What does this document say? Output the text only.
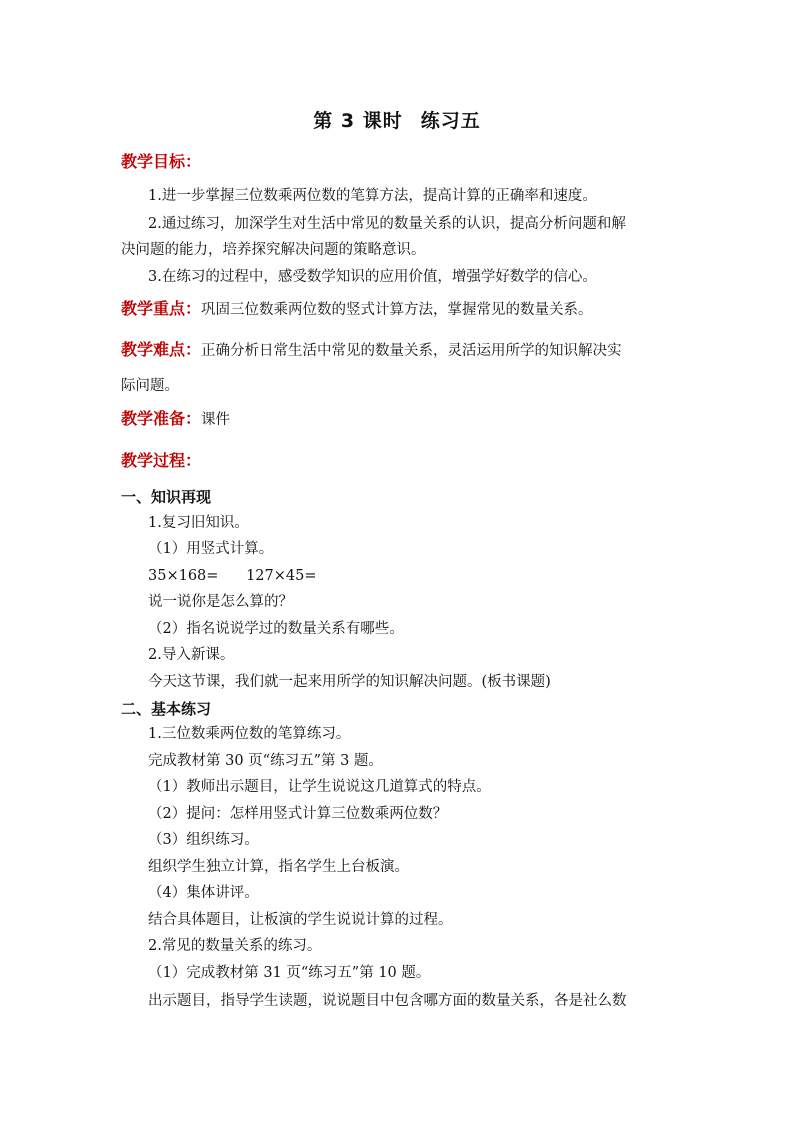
第 3 课时 练习五
教学目标：
1.进一步掌握三位数乘两位数的笔算方法，提高计算的正确率和速度。
2.通过练习，加深学生对生活中常见的数量关系的认识，提高分析问题和解
决问题的能力，培养探究解决问题的策略意识。
3.在练习的过程中，感受数学知识的应用价值，增强学好数学的信心。
教学重点：巩固三位数乘两位数的竖式计算方法，掌握常见的数量关系。
教学难点：正确分析日常生活中常见的数量关系，灵活运用所学的知识解决实
际问题。
教学准备：课件
教学过程：
一、知识再现
1.复习旧知识。
（1）用竖式计算。
35×168=      127×45=
说一说你是怎么算的？
（2）指名说说学过的数量关系有哪些。
2.导入新课。
今天这节课，我们就一起来用所学的知识解决问题。(板书课题)
二、基本练习
1.三位数乘两位数的笔算练习。
完成教材第 30 页“练习五”第 3 题。
（1）教师出示题目，让学生说说这几道算式的特点。
（2）提问：怎样用竖式计算三位数乘两位数？
（3）组织练习。
组织学生独立计算，指名学生上台板演。
（4）集体讲评。
结合具体题目，让板演的学生说说计算的过程。
2.常见的数量关系的练习。
（1）完成教材第 31 页“练习五”第 10 题。
出示题目，指导学生读题，说说题目中包含哪方面的数量关系，各是社么数
